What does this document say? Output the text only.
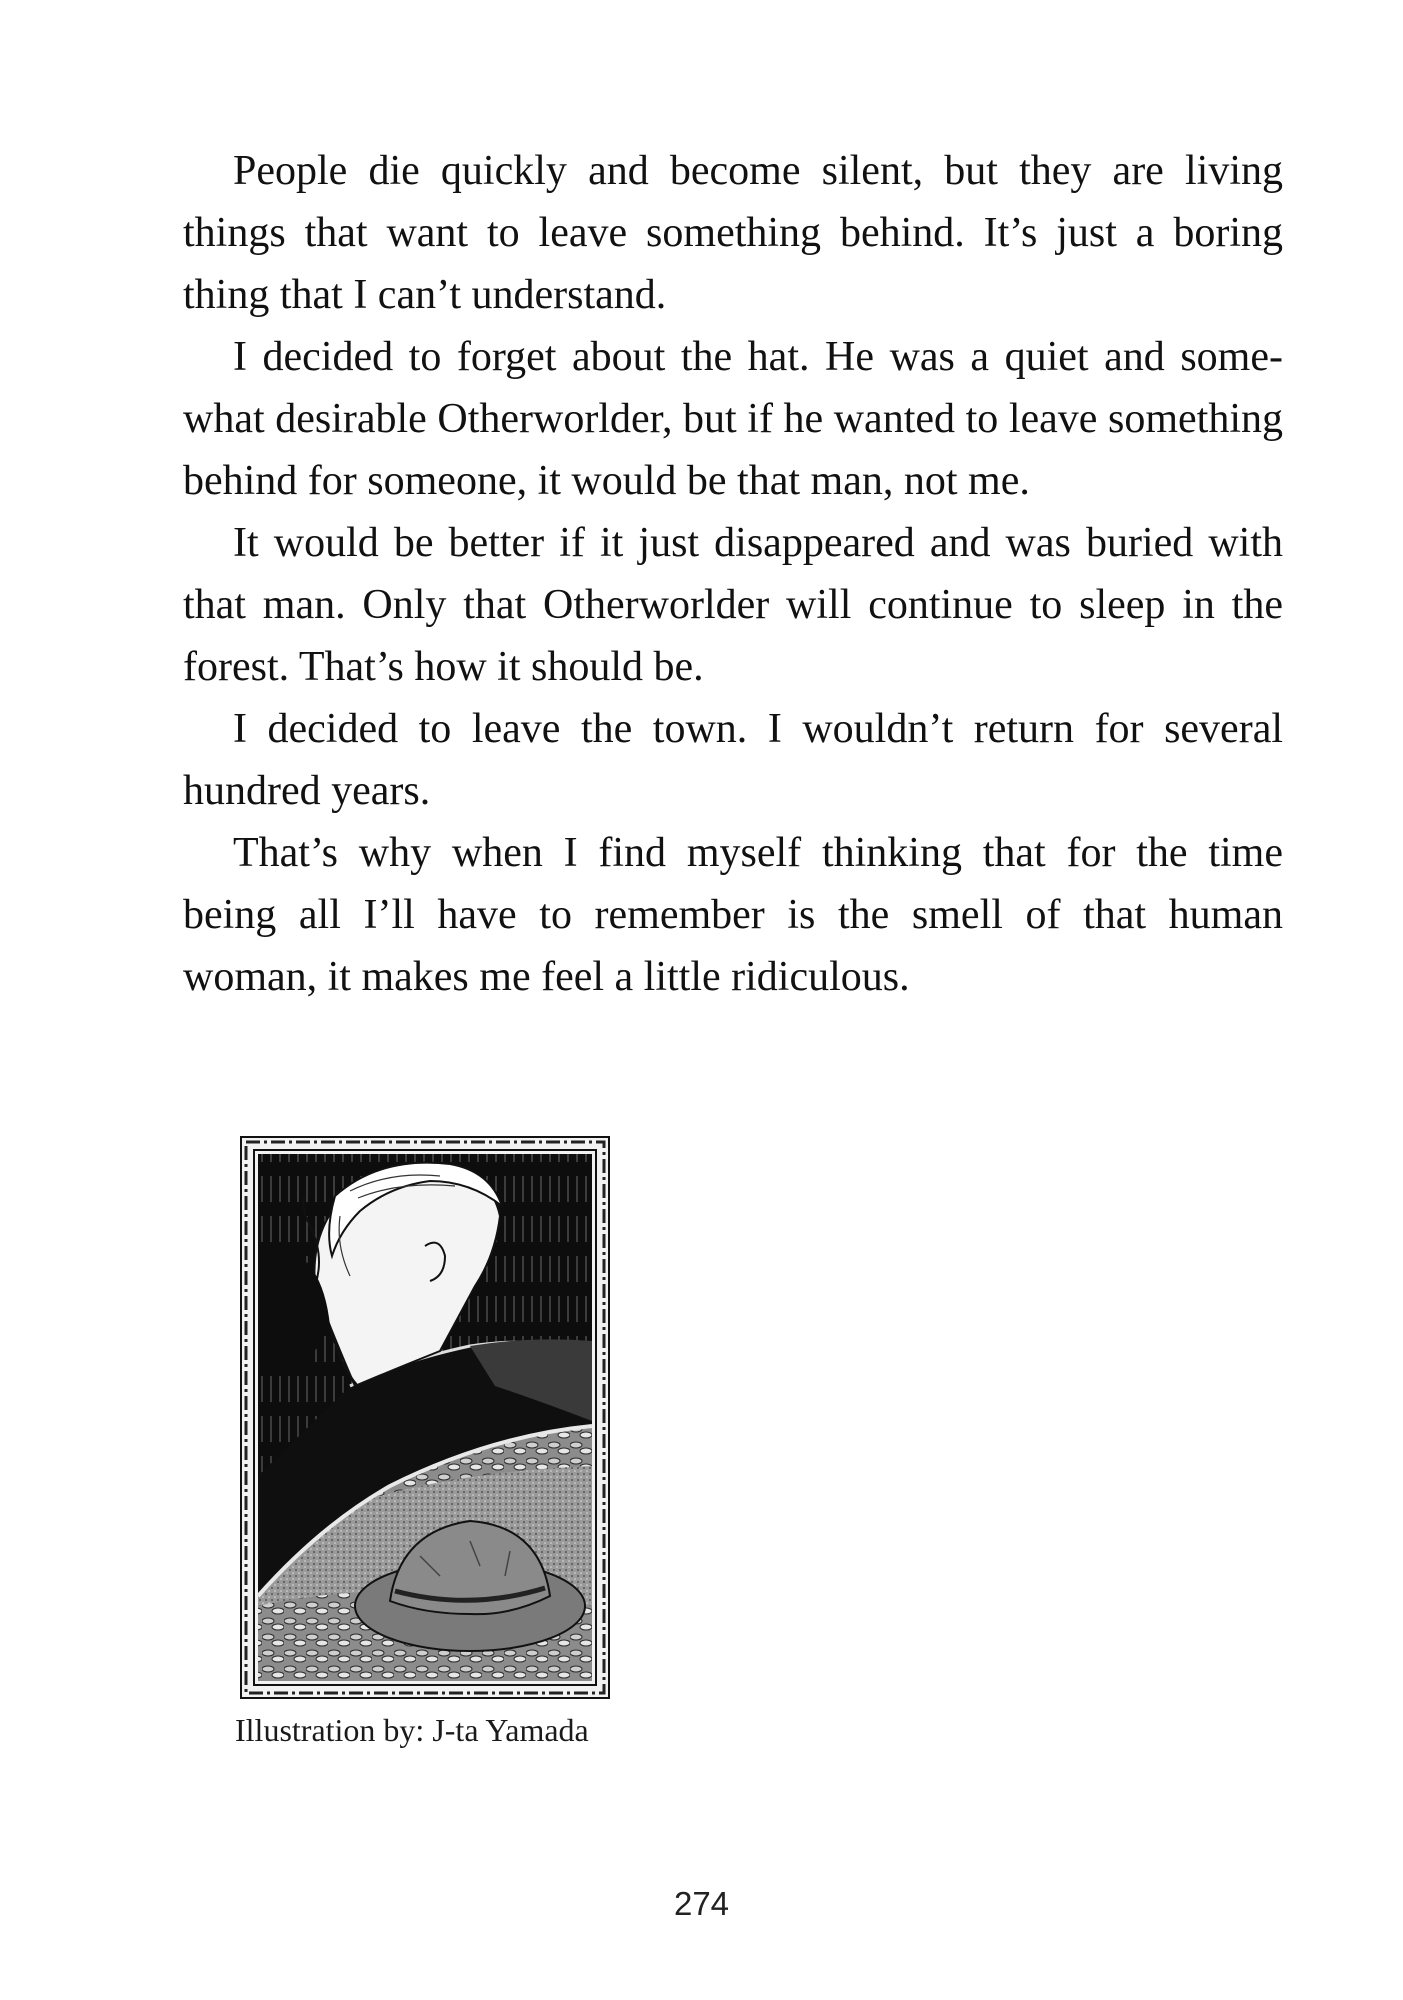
People die quickly and become silent, but they are living things that want to leave something behind. It’s just a boring thing that I can’t understand.

I decided to forget about the hat. He was a quiet and somewhat desirable Otherworlder, but if he wanted to leave something behind for someone, it would be that man, not me.

It would be better if it just disappeared and was buried with that man. Only that Otherworlder will continue to sleep in the forest. That’s how it should be.

I decided to leave the town. I wouldn’t return for several hundred years.

That’s why when I find myself thinking that for the time being all I’ll have to remember is the smell of that human woman, it makes me feel a little ridiculous.

Illustration by: J-ta Yamada
274
